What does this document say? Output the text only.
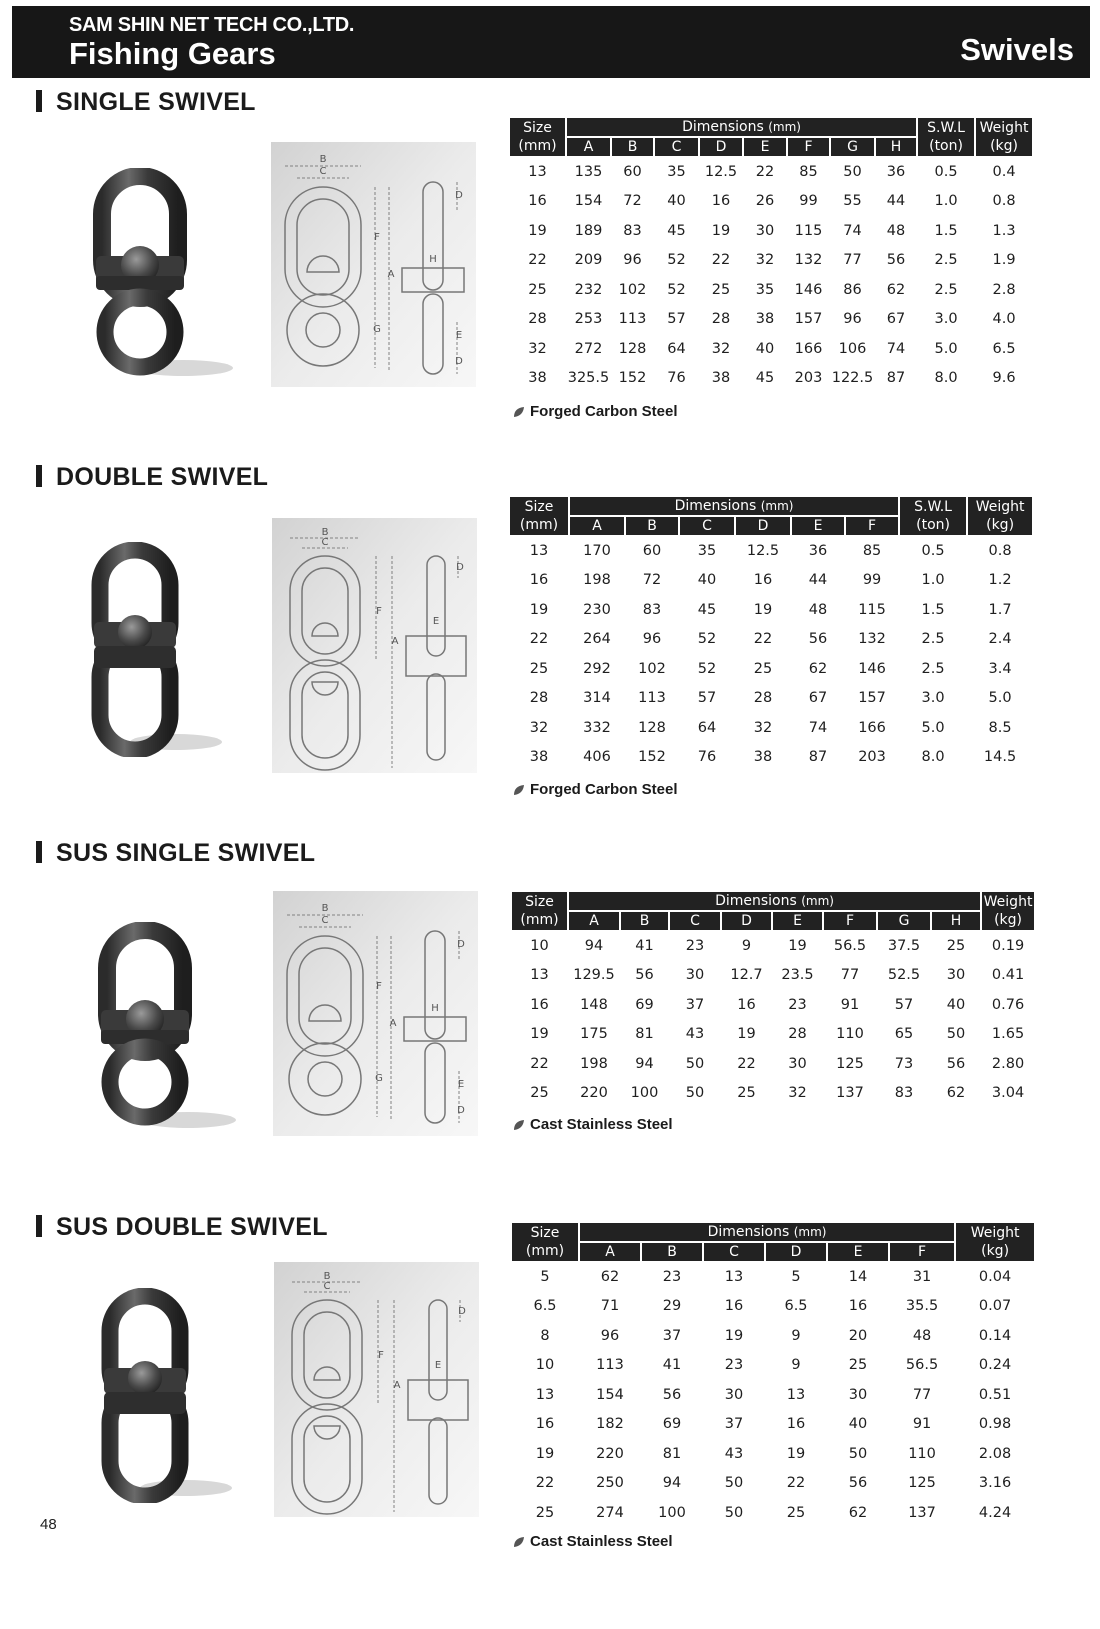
SAM SHIN NET TECH CO.,LTD.
Fishing Gears	Swivels
SINGLE SWIVEL
B
C
F
A
G
H
D
E
D
Size
(mm)	Dimensions (mm)								S.W.L
(ton)	Weight
(kg)
	A	B	C	D	E	F	G	H		
13	135	60	35	12.5	22	85	50	36	0.5	0.4
16	154	72	40	16	26	99	55	44	1.0	0.8
19	189	83	45	19	30	115	74	48	1.5	1.3
22	209	96	52	22	32	132	77	56	2.5	1.9
25	232	102	52	25	35	146	86	62	2.5	2.8
28	253	113	57	28	38	157	96	67	3.0	4.0
32	272	128	64	32	40	166	106	74	5.0	6.5
38	325.5	152	76	38	45	203	122.5	87	8.0	9.6
Forged Carbon Steel
DOUBLE SWIVEL
B
C
F
A
E
D
Size
(mm)	Dimensions (mm)						S.W.L
(ton)	Weight
(kg)
	A	B	C	D	E	F		
13	170	60	35	12.5	36	85	0.5	0.8
16	198	72	40	16	44	99	1.0	1.2
19	230	83	45	19	48	115	1.5	1.7
22	264	96	52	22	56	132	2.5	2.4
25	292	102	52	25	62	146	2.5	3.4
28	314	113	57	28	67	157	3.0	5.0
32	332	128	64	32	74	166	5.0	8.5
38	406	152	76	38	87	203	8.0	14.5
Forged Carbon Steel
SUS SINGLE SWIVEL
B
C
F
A
G
H
D
E
D
Size
(mm)	Dimensions (mm)								Weight
(kg)
	A	B	C	D	E	F	G	H	
10	94	41	23	9	19	56.5	37.5	25	0.19
13	129.5	56	30	12.7	23.5	77	52.5	30	0.41
16	148	69	37	16	23	91	57	40	0.76
19	175	81	43	19	28	110	65	50	1.65
22	198	94	50	22	30	125	73	56	2.80
25	220	100	50	25	32	137	83	62	3.04
Cast Stainless Steel
SUS DOUBLE SWIVEL
B
C
F
A
E
D
Size
(mm)	Dimensions (mm)						Weight
(kg)
	A	B	C	D	E	F	
5	62	23	13	5	14	31	0.04
6.5	71	29	16	6.5	16	35.5	0.07
8	96	37	19	9	20	48	0.14
10	113	41	23	9	25	56.5	0.24
13	154	56	30	13	30	77	0.51
16	182	69	37	16	40	91	0.98
19	220	81	43	19	50	110	2.08
22	250	94	50	22	56	125	3.16
25	274	100	50	25	62	137	4.24
Cast Stainless Steel
48
